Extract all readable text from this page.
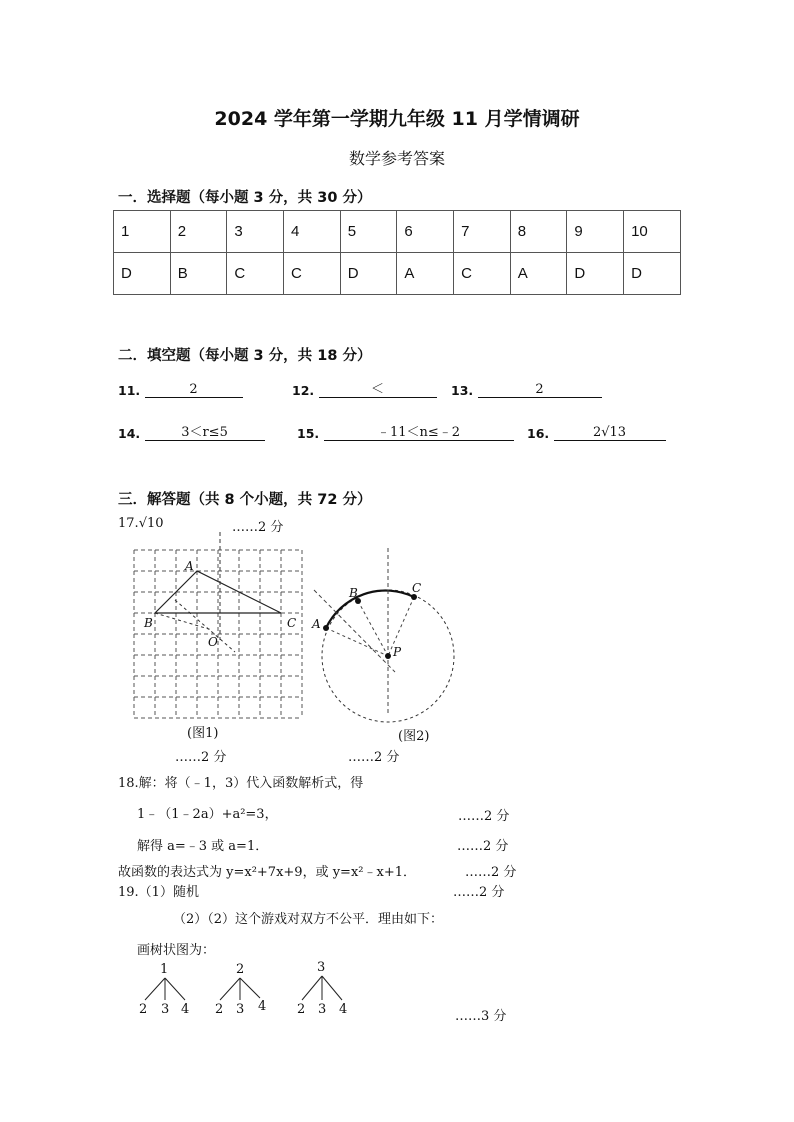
2024 学年第一学期九年级 11 月学情调研
数学参考答案
一．选择题（每小题 3 分，共 30 分）
1	2	3	4	5	6	7	8	9	10
D	B	C	C	D	A	C	A	D	D
二．填空题（每小题 3 分，共 18 分）
11.	2	12.	＜	13.	2
14.	3＜r≤5	15.	﹣11＜n≤﹣2	16.	2√13
三．解答题（共 8 个小题，共 72 分）
17.√10	……2 分
A
B	C
O
A
B	C
P
(图1)	(图2)
……2 分	……2 分
18.解：将（﹣1，3）代入函数解析式，得
1﹣（1﹣2a）+a²=3，	……2 分
解得 a=﹣3 或 a=1．	……2 分
故函数的表达式为 y=x²+7x+9，或 y=x²﹣x+1．	……2 分
19.（1）随机	……2 分
（2）（2）这个游戏对双方不公平．理由如下：
画树状图为：
1
2 3 4
2
2 3 4
3
2 3 4	……3 分
